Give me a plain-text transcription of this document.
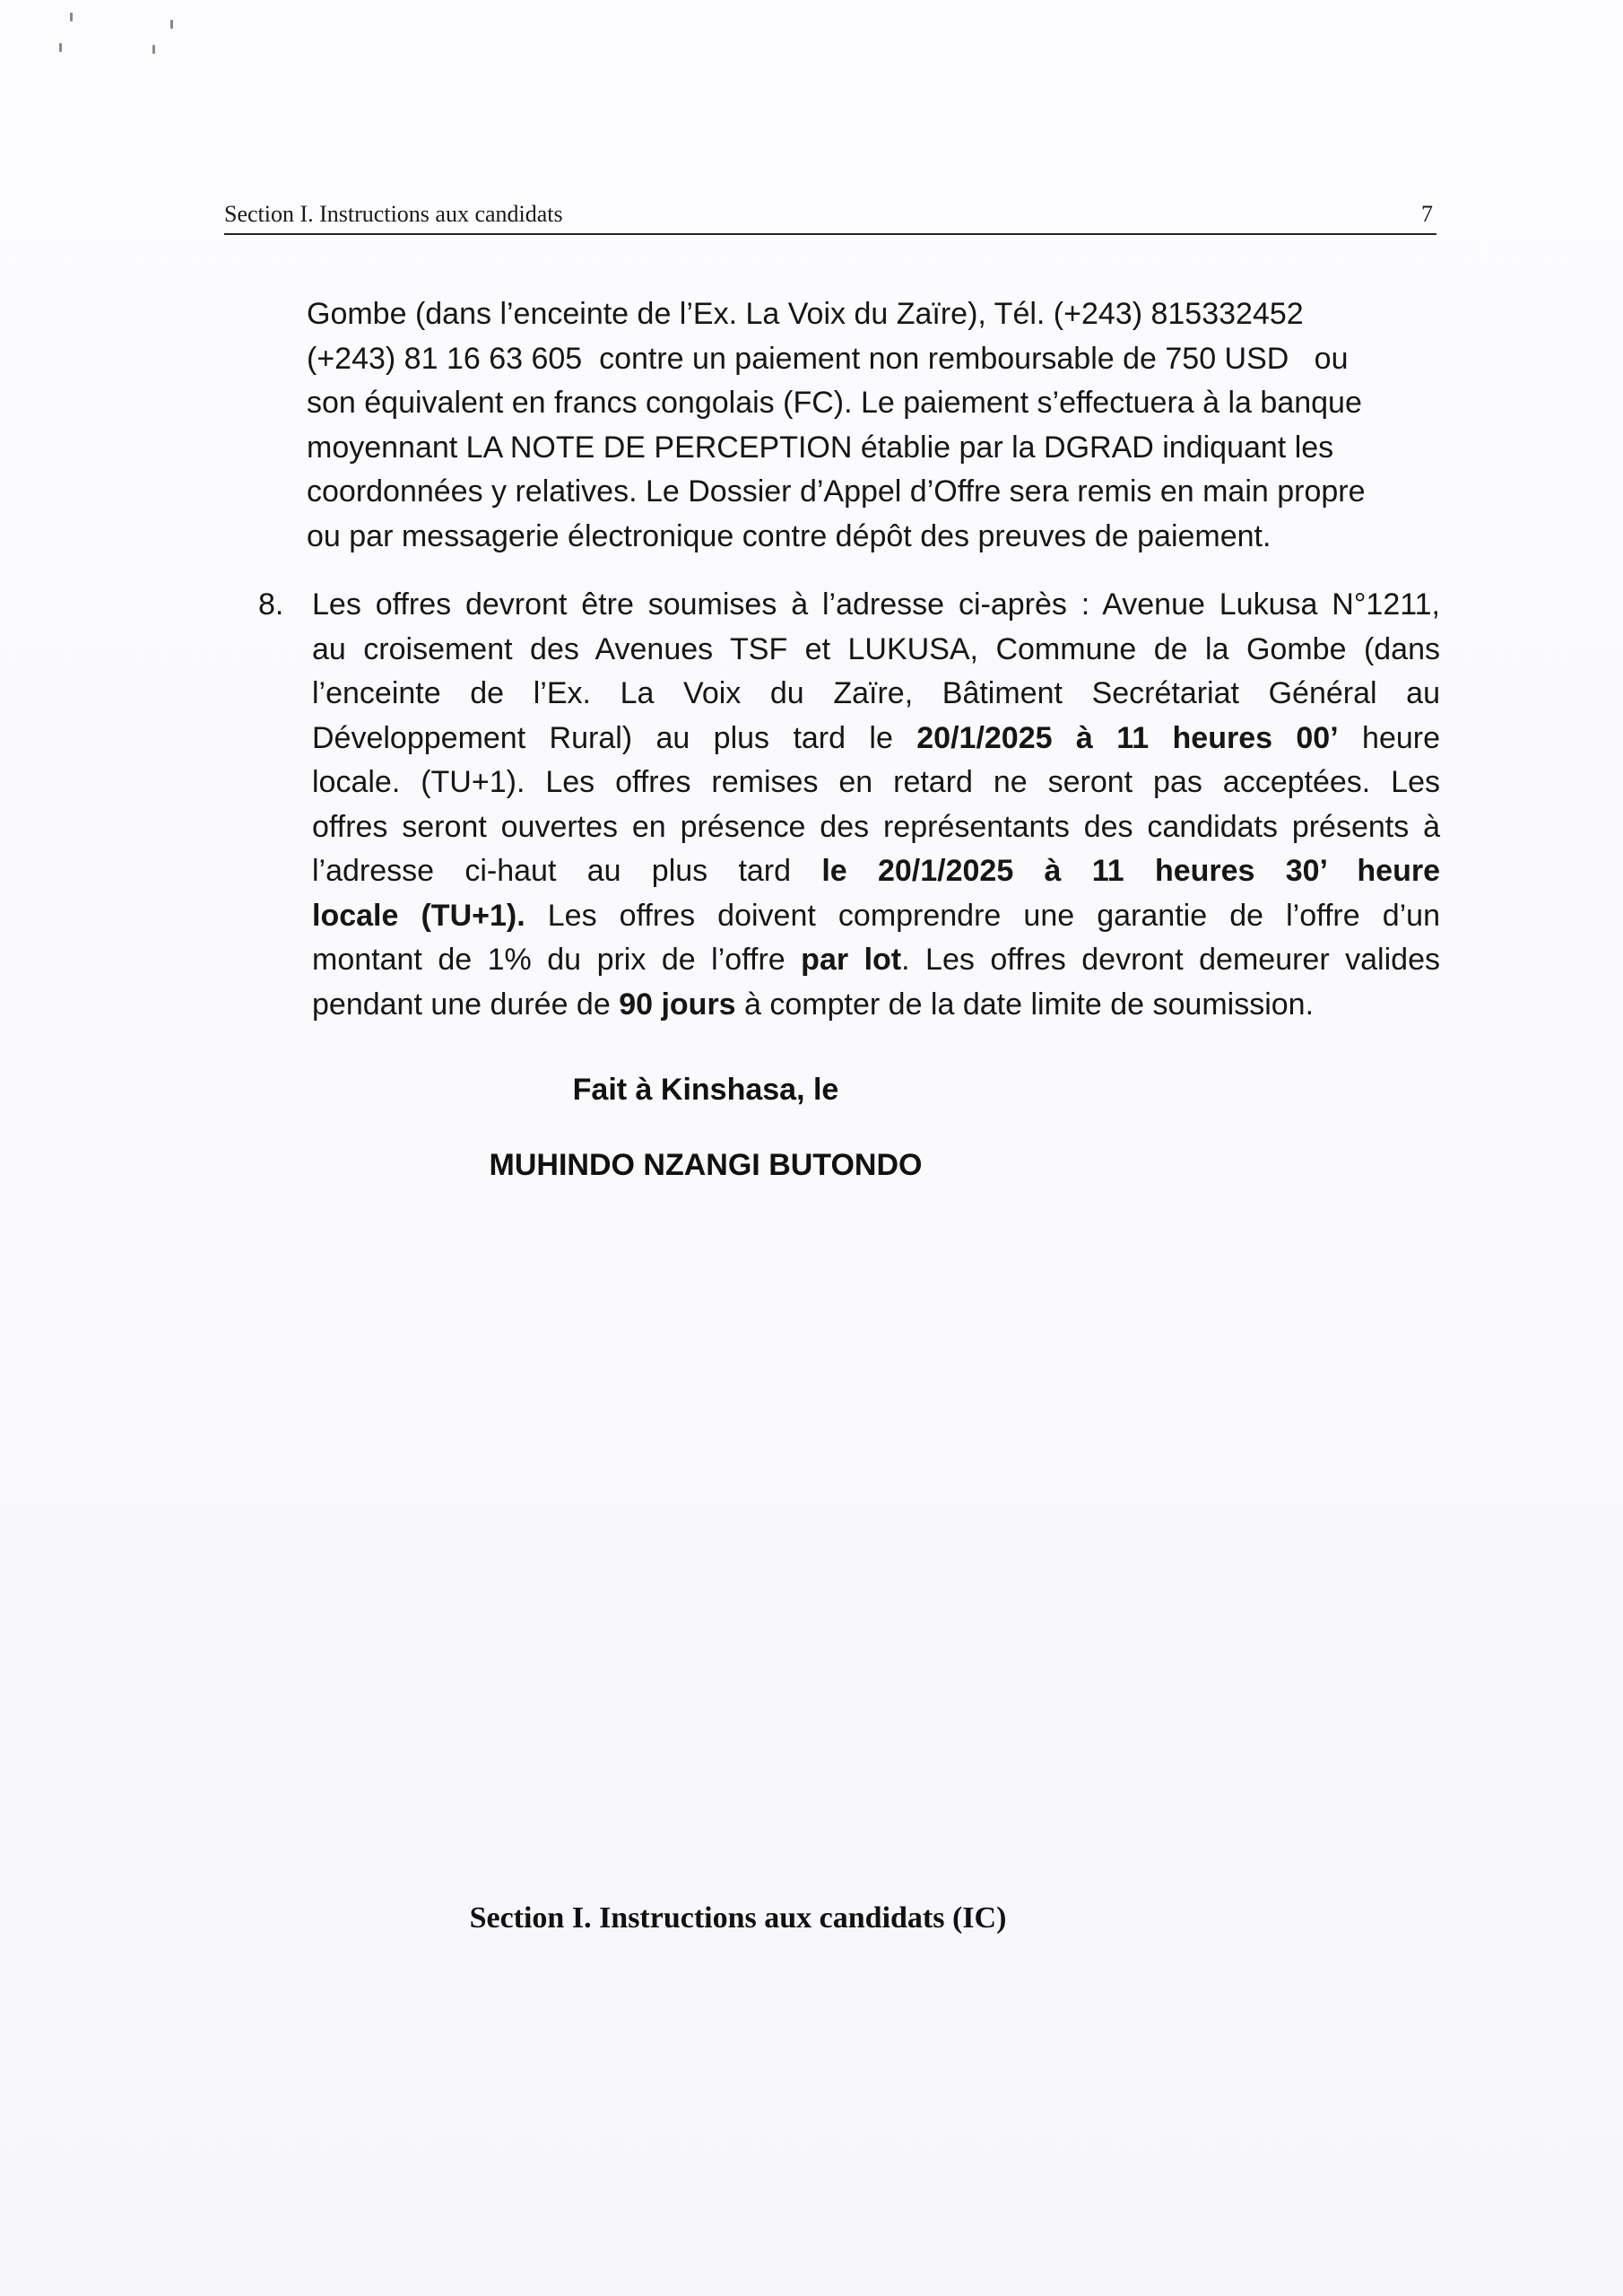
Section I. Instructions aux candidats	7
Gombe (dans l’enceinte de l’Ex. La Voix du Zaïre), Tél. (+243) 815332452
(+243) 81 16 63 605  contre un paiement non remboursable de 750 USD   ou
son équivalent en francs congolais (FC). Le paiement s’effectuera à la banque
moyennant LA NOTE DE PERCEPTION établie par la DGRAD indiquant les
coordonnées y relatives. Le Dossier d’Appel d’Offre sera remis en main propre
ou par messagerie électronique contre dépôt des preuves de paiement.
8. Les offres devront être soumises à l’adresse ci-après : Avenue Lukusa N°1211,
au croisement des Avenues TSF et LUKUSA, Commune de la Gombe (dans
l’enceinte de l’Ex. La Voix du Zaïre, Bâtiment Secrétariat Général au
Développement Rural) au plus tard le 20/1/2025 à 11 heures 00’ heure
locale. (TU+1). Les offres remises en retard ne seront pas acceptées. Les
offres seront ouvertes en présence des représentants des candidats présents à
l’adresse ci-haut au plus tard le 20/1/2025 à 11 heures 30’ heure
locale (TU+1). Les offres doivent comprendre une garantie de l’offre d’un
montant de 1% du prix de l’offre par lot. Les offres devront demeurer valides
pendant une durée de 90 jours à compter de la date limite de soumission.
Fait à Kinshasa, le
MUHINDO NZANGI BUTONDO
Section I. Instructions aux candidats (IC)
